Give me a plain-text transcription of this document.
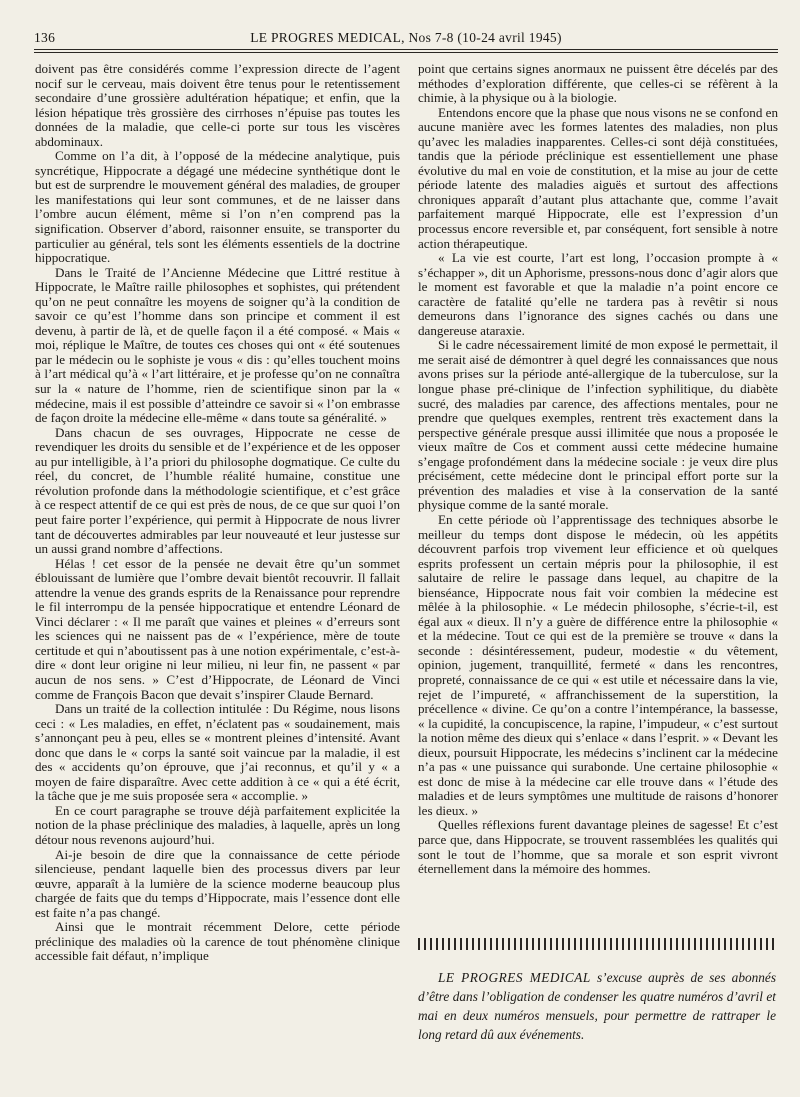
136	LE PROGRES MEDICAL, Nos 7-8 (10-24 avril 1945)

doivent pas être considérés comme l’expression directe de l’agent nocif sur le cerveau, mais doivent être tenus pour le retentissement secondaire d’une grossière adultération hépatique; et enfin, que la lésion hépatique très grossière des cirrhoses n’épuise pas toutes les données de la maladie, que celle-ci porte sur tous les viscères abdominaux.

Comme on l’a dit, à l’opposé de la médecine analytique, puis syncrétique, Hippocrate a dégagé une médecine synthétique dont le but est de surprendre le mouvement général des maladies, de grouper les manifestations qui leur sont communes, et de ne laisser dans l’ombre aucun élément, même si l’on n’en comprend pas la signification. Observer d’abord, raisonner ensuite, se transporter du particulier au général, tels sont les éléments essentiels de la doctrine hippocratique.

Dans le Traité de l’Ancienne Médecine que Littré restitue à Hippocrate, le Maître raille philosophes et sophistes, qui prétendent qu’on ne peut connaître les moyens de soigner qu’à la condition de savoir ce qu’est l’homme dans son principe et comment il est devenu, à partir de là, et de quelle façon il a été composé. « Mais « moi, réplique le Maître, de toutes ces choses qui ont « été soutenues par le médecin ou le sophiste je vous « dis : qu’elles touchent moins à l’art médical qu’à « l’art littéraire, et je professe qu’on ne connaîtra sur la « nature de l’homme, rien de scientifique sinon par la « médecine, mais il est possible d’atteindre ce savoir si « l’on embrasse de façon droite la médecine elle-même « dans toute sa généralité. »

Dans chacun de ses ouvrages, Hippocrate ne cesse de revendiquer les droits du sensible et de l’expérience et de les opposer au pur intelligible, à l’a priori du philosophe dogmatique. Ce culte du réel, du concret, de l’humble réalité humaine, constitue une révolution profonde dans la méthodologie scientifique, et c’est grâce à ce respect attentif de ce qui est près de nous, de ce que sur quoi l’on peut faire porter l’expérience, qui permit à Hippocrate de nous livrer tant de découvertes admirables par leur nouveauté et leur justesse sur un aussi grand nombre d’affections.

Hélas ! cet essor de la pensée ne devait être qu’un sommet éblouissant de lumière que l’ombre devait bientôt recouvrir. Il fallait attendre la venue des grands esprits de la Renaissance pour reprendre le fil interrompu de la pensée hippocratique et entendre Léonard de Vinci déclarer : « Il me paraît que vaines et pleines « d’erreurs sont les sciences qui ne naissent pas de « l’expérience, mère de toute certitude et qui n’aboutissent pas à une notion expérimentale, c’est-à-dire « dont leur origine ni leur milieu, ni leur fin, ne passent « par aucun de nos sens. » C’est d’Hippocrate, de Léonard de Vinci comme de François Bacon que devait s’inspirer Claude Bernard.

Dans un traité de la collection intitulée : Du Régime, nous lisons ceci : « Les maladies, en effet, n’éclatent pas « soudainement, mais s’annonçant peu à peu, elles se « montrent pleines d’intensité. Avant donc que dans le « corps la santé soit vaincue par la maladie, il est des « accidents qu’on éprouve, que j’ai reconnus, et qu’il y « a moyen de faire disparaître. Avec cette addition à ce « qui a été écrit, la tâche que je me suis proposée sera « accomplie. »

En ce court paragraphe se trouve déjà parfaitement explicitée la notion de la phase préclinique des maladies, à laquelle, après un long détour nous revenons aujourd’hui.

Ai-je besoin de dire que la connaissance de cette période silencieuse, pendant laquelle bien des processus divers par leur œuvre, apparaît à la lumière de la science moderne beaucoup plus chargée de faits que du temps d’Hippocrate, mais l’essence dont elle est faite n’a pas changé.

Ainsi que le montrait récemment Delore, cette période préclinique des maladies où la carence de tout phénomène clinique accessible fait défaut, n’implique

point que certains signes anormaux ne puissent être décelés par des méthodes d’exploration différente, que celles-ci se réfèrent à la chimie, à la physique ou à la biologie.

Entendons encore que la phase que nous visons ne se confond en aucune manière avec les formes latentes des maladies, non plus qu’avec les maladies inapparentes. Celles-ci sont déjà constituées, tandis que la période préclinique est essentiellement une phase évolutive du mal en voie de constitution, et la mise au jour de cette période latente des maladies aiguës et surtout des affections chroniques apparaît d’autant plus attachante que, comme l’avait parfaitement marqué Hippocrate, elle est l’expression d’un processus encore reversible et, par conséquent, fort sensible à notre action thérapeutique.

« La vie est courte, l’art est long, l’occasion prompte à « s’échapper », dit un Aphorisme, pressons-nous donc d’agir alors que le moment est favorable et que la maladie n’a point encore ce caractère de fatalité qu’elle ne tardera pas à revêtir si nous demeurons dans l’ignorance des signes cachés ou dans une dangereuse ataraxie.

Si le cadre nécessairement limité de mon exposé le permettait, il me serait aisé de démontrer à quel degré les connaissances que nous avons prises sur la période anté-allergique de la tuberculose, sur la longue phase pré-clinique de l’infection syphilitique, du diabète sucré, des maladies par carence, des affections mentales, pour ne prendre que quelques exemples, rentrent très exactement dans la perspective générale presque aussi illimitée que nous a proposée le vieux maître de Cos et comment aussi cette médecine humaine s’engage profondément dans la médecine sociale : je veux dire plus précisément, cette médecine dont le principal effort porte sur la prévention des maladies et vise à la conservation de la santé physique comme de la santé morale.

En cette période où l’apprentissage des techniques absorbe le meilleur du temps dont dispose le médecin, où les appétits découvrent parfois trop vivement leur efficience et où quelques esprits professent un certain mépris pour la philosophie, il est salutaire de relire le passage dans lequel, au chapitre de la bienséance, Hippocrate nous fait voir combien la médecine est mêlée à la philosophie. « Le médecin philosophe, s’écrie-t-il, est égal aux « dieux. Il n’y a guère de différence entre la philosophie « et la médecine. Tout ce qui est de la première se trouve « dans la seconde : désintéressement, pudeur, modestie « du vêtement, opinion, jugement, tranquillité, fermeté « dans les rencontres, propreté, connaissance de ce qui « est utile et nécessaire dans la vie, rejet de l’impureté, « affranchissement de la superstition, la précellence « divine. Ce qu’on a contre l’intempérance, la bassesse, « la cupidité, la concupiscence, la rapine, l’impudeur, « c’est surtout la notion même des dieux qui s’enlace « dans l’esprit. » « Devant les dieux, poursuit Hippocrate, les médecins s’inclinent car la médecine n’a pas « une puissance qui surabonde. Une certaine philosophie « est donc de mise à la médecine car elle trouve dans « l’étude des maladies et de leurs symptômes une multitude de raisons d’honorer les dieux. »

Quelles réflexions furent davantage pleines de sagesse! Et c’est parce que, dans Hippocrate, se trouvent rassemblées les qualités qui sont le tout de l’homme, que sa morale et son esprit vivront éternellement dans la mémoire des hommes.

LE PROGRES MEDICAL s’excuse auprès de ses abonnés d’être dans l’obligation de condenser les quatre numéros d’avril et mai en deux numéros mensuels, pour permettre de rattraper le long retard dû aux événements.
